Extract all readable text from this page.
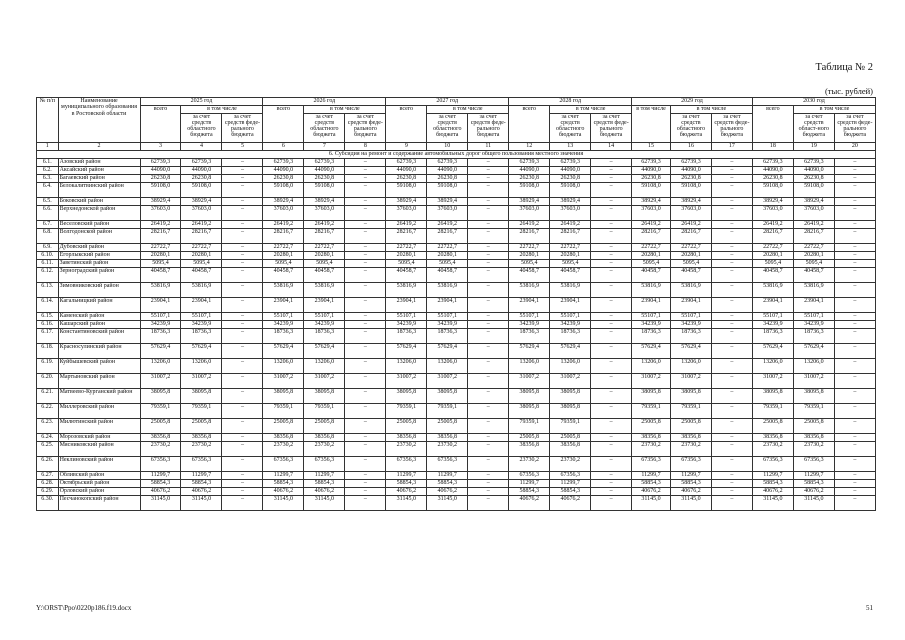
Таблица № 2
(тыс. рублей)
№ п/п	Наименование муниципального образования в Ростовской области	2025 год			2026 год			2027 год			2028 год			2029 год			2030 год		
		всего	в том числе		всего	в том числе		всего	в том числе		всего	в том числе		в том числе	в том числе		всего	в том числе	
			за счет средств областного бюджета	за счет средств феде-рального бюджета		за счет средств областного бюджета	за счет средств феде-рального бюджета		за счет средств областного бюджета	за счет средств феде-рального бюджета		за счет средств областного бюджета	за счет средств феде-рального бюджета		за счет средств областного бюджета	за счет средств феде-рального бюджета		за счет средств област-ного бюджета	за счет средств феде-рального бюджета
1	2	3	4	5	6	7	8	9	10	11	12	13	14	15	16	17	18	19	20
6. Субсидия на ремонт и содержание автомобильных дорог общего пользования местного значения																			
6.1.	Азовский район	62739,3	62739,3	–	62739,3	62739,3	–	62739,3	62739,3	–	62739,3	62739,3	–	62739,3	62739,3	–	62739,3	62739,3	–
6.2.	Аксайский район	44090,0	44090,0	–	44090,0	44090,0	–	44090,0	44090,0	–	44090,0	44090,0	–	44090,0	44090,0	–	44090,0	44090,0	–
6.3.	Багаевский район	26230,8	26230,8	–	26230,8	26230,8	–	26230,8	26230,8	–	26230,8	26230,8	–	26230,8	26230,8	–	26230,8	26230,8	–
6.4.	Белокалитвинский район	59108,0	59108,0	–	59108,0	59108,0	–	59108,0	59108,0	–	59108,0	59108,0	–	59108,0	59108,0	–	59108,0	59108,0	–
6.5.	Боковский район	38929,4	38929,4	–	38929,4	38929,4	–	38929,4	38929,4	–	38929,4	38929,4	–	38929,4	38929,4	–	38929,4	38929,4	–
6.6.	Верхнедонской район	37603,0	37603,0	–	37603,0	37603,0	–	37603,0	37603,0	–	37603,0	37603,0	–	37603,0	37603,0	–	37603,0	37603,0	–
6.7.	Веселовский район	26419,2	26419,2	–	26419,2	26419,2	–	26419,2	26419,2	–	26419,2	26419,2	–	26419,2	26419,2	–	26419,2	26419,2	–
6.8.	Волгодонской район	28216,7	28216,7	–	28216,7	28216,7	–	28216,7	28216,7	–	28216,7	28216,7	–	28216,7	28216,7	–	28216,7	28216,7	–
6.9.	Дубовский район	22722,7	22722,7	–	22722,7	22722,7	–	22722,7	22722,7	–	22722,7	22722,7	–	22722,7	22722,7	–	22722,7	22722,7	–
6.10.	Егорлыкский район	20280,1	20280,1	–	20280,1	20280,1	–	20280,1	20280,1	–	20280,1	20280,1	–	20280,1	20280,1	–	20280,1	20280,1	–
6.11.	Заветинский район	5095,4	5095,4	–	5095,4	5095,4	–	5095,4	5095,4	–	5095,4	5095,4	–	5095,4	5095,4	–	5095,4	5095,4	–
6.12.	Зерноградский район	40458,7	40458,7	–	40458,7	40458,7	–	40458,7	40458,7	–	40458,7	40458,7	–	40458,7	40458,7	–	40458,7	40458,7	–
6.13.	Зимовниковский район	53816,9	53816,9	–	53816,9	53816,9	–	53816,9	53816,9	–	53816,9	53816,9	–	53816,9	53816,9	–	53816,9	53816,9	–
6.14.	Кагальницкий район	23904,1	23904,1	–	23904,1	23904,1	–	23904,1	23904,1	–	23904,1	23904,1	–	23904,1	23904,1	–	23904,1	23904,1	–
6.15.	Каменский район	55107,1	55107,1	–	55107,1	55107,1	–	55107,1	55107,1	–	55107,1	55107,1	–	55107,1	55107,1	–	55107,1	55107,1	–
6.16.	Кашарский район	34239,9	34239,9	–	34239,9	34239,9	–	34239,9	34239,9	–	34239,9	34239,9	–	34239,9	34239,9	–	34239,9	34239,9	–
6.17.	Константиновский район	18736,3	18736,3	–	18736,3	18736,3	–	18736,3	18736,3	–	18736,3	18736,3	–	18736,3	18736,3	–	18736,3	18736,3	–
6.18.	Красносулинский район	57629,4	57629,4	–	57629,4	57629,4	–	57629,4	57629,4	–	57629,4	57629,4	–	57629,4	57629,4	–	57629,4	57629,4	–
6.19.	Куйбышевский район	13206,0	13206,0	–	13206,0	13206,0	–	13206,0	13206,0	–	13206,0	13206,0	–	13206,0	13206,0	–	13206,0	13206,0	–
6.20.	Мартыновский район	31007,2	31007,2	–	31007,2	31007,2	–	31007,2	31007,2	–	31007,2	31007,2	–	31007,2	31007,2	–	31007,2	31007,2	–
6.21.	Матвеево-Курганский район	38095,8	38095,8	–	38095,8	38095,8	–	38095,8	38095,8	–	38095,8	38095,8	–	38095,8	38095,8	–	38095,8	38095,8	–
6.22.	Миллеровский район	79359,1	79359,1	–	79359,1	79359,1	–	79359,1	79359,1	–	38095,8	38095,8	–	79359,1	79359,1	–	79359,1	79359,1	–
6.23.	Милютинский район	25005,8	25005,8	–	25005,8	25005,8	–	25005,8	25005,8	–	79359,1	79359,1	–	25005,8	25005,8	–	25005,8	25005,8	–
6.24.	Морозовский район	38356,8	38356,8	–	38356,8	38356,8	–	38356,8	38356,8	–	25005,8	25005,8	–	38356,8	38356,8	–	38356,8	38356,8	–
6.25.	Мясниковский район	23730,2	23730,2	–	23730,2	23730,2	–	23730,2	23730,2	–	38356,8	38356,8	–	23730,2	23730,2	–	23730,2	23730,2	–
6.26.	Неклиновский район	67356,3	67356,3	–	67356,3	67356,3	–	67356,3	67356,3	–	23730,2	23730,2	–	67356,3	67356,3	–	67356,3	67356,3	–
6.27.	Обливский район	11299,7	11299,7	–	11299,7	11299,7	–	11299,7	11299,7	–	67356,3	67356,3	–	11299,7	11299,7	–	11299,7	11299,7	–
6.28.	Октябрьский район	58854,3	58854,3	–	58854,3	58854,3	–	58854,3	58854,3	–	11299,7	11299,7	–	58854,3	58854,3	–	58854,3	58854,3	–
6.29.	Орловский район	40676,2	40676,2	–	40676,2	40676,2	–	40676,2	40676,2	–	58854,3	58854,3	–	40676,2	40676,2	–	40676,2	40676,2	–
6.30.	Песчанокопский район	31145,0	31145,0	–	31145,0	31145,0	–	31145,0	31145,0	–	40676,2	40676,2	–	31145,0	31145,0	–	31145,0	31145,0	–
Y:\ORST\Ppo\0220p186.f19.docx	51
